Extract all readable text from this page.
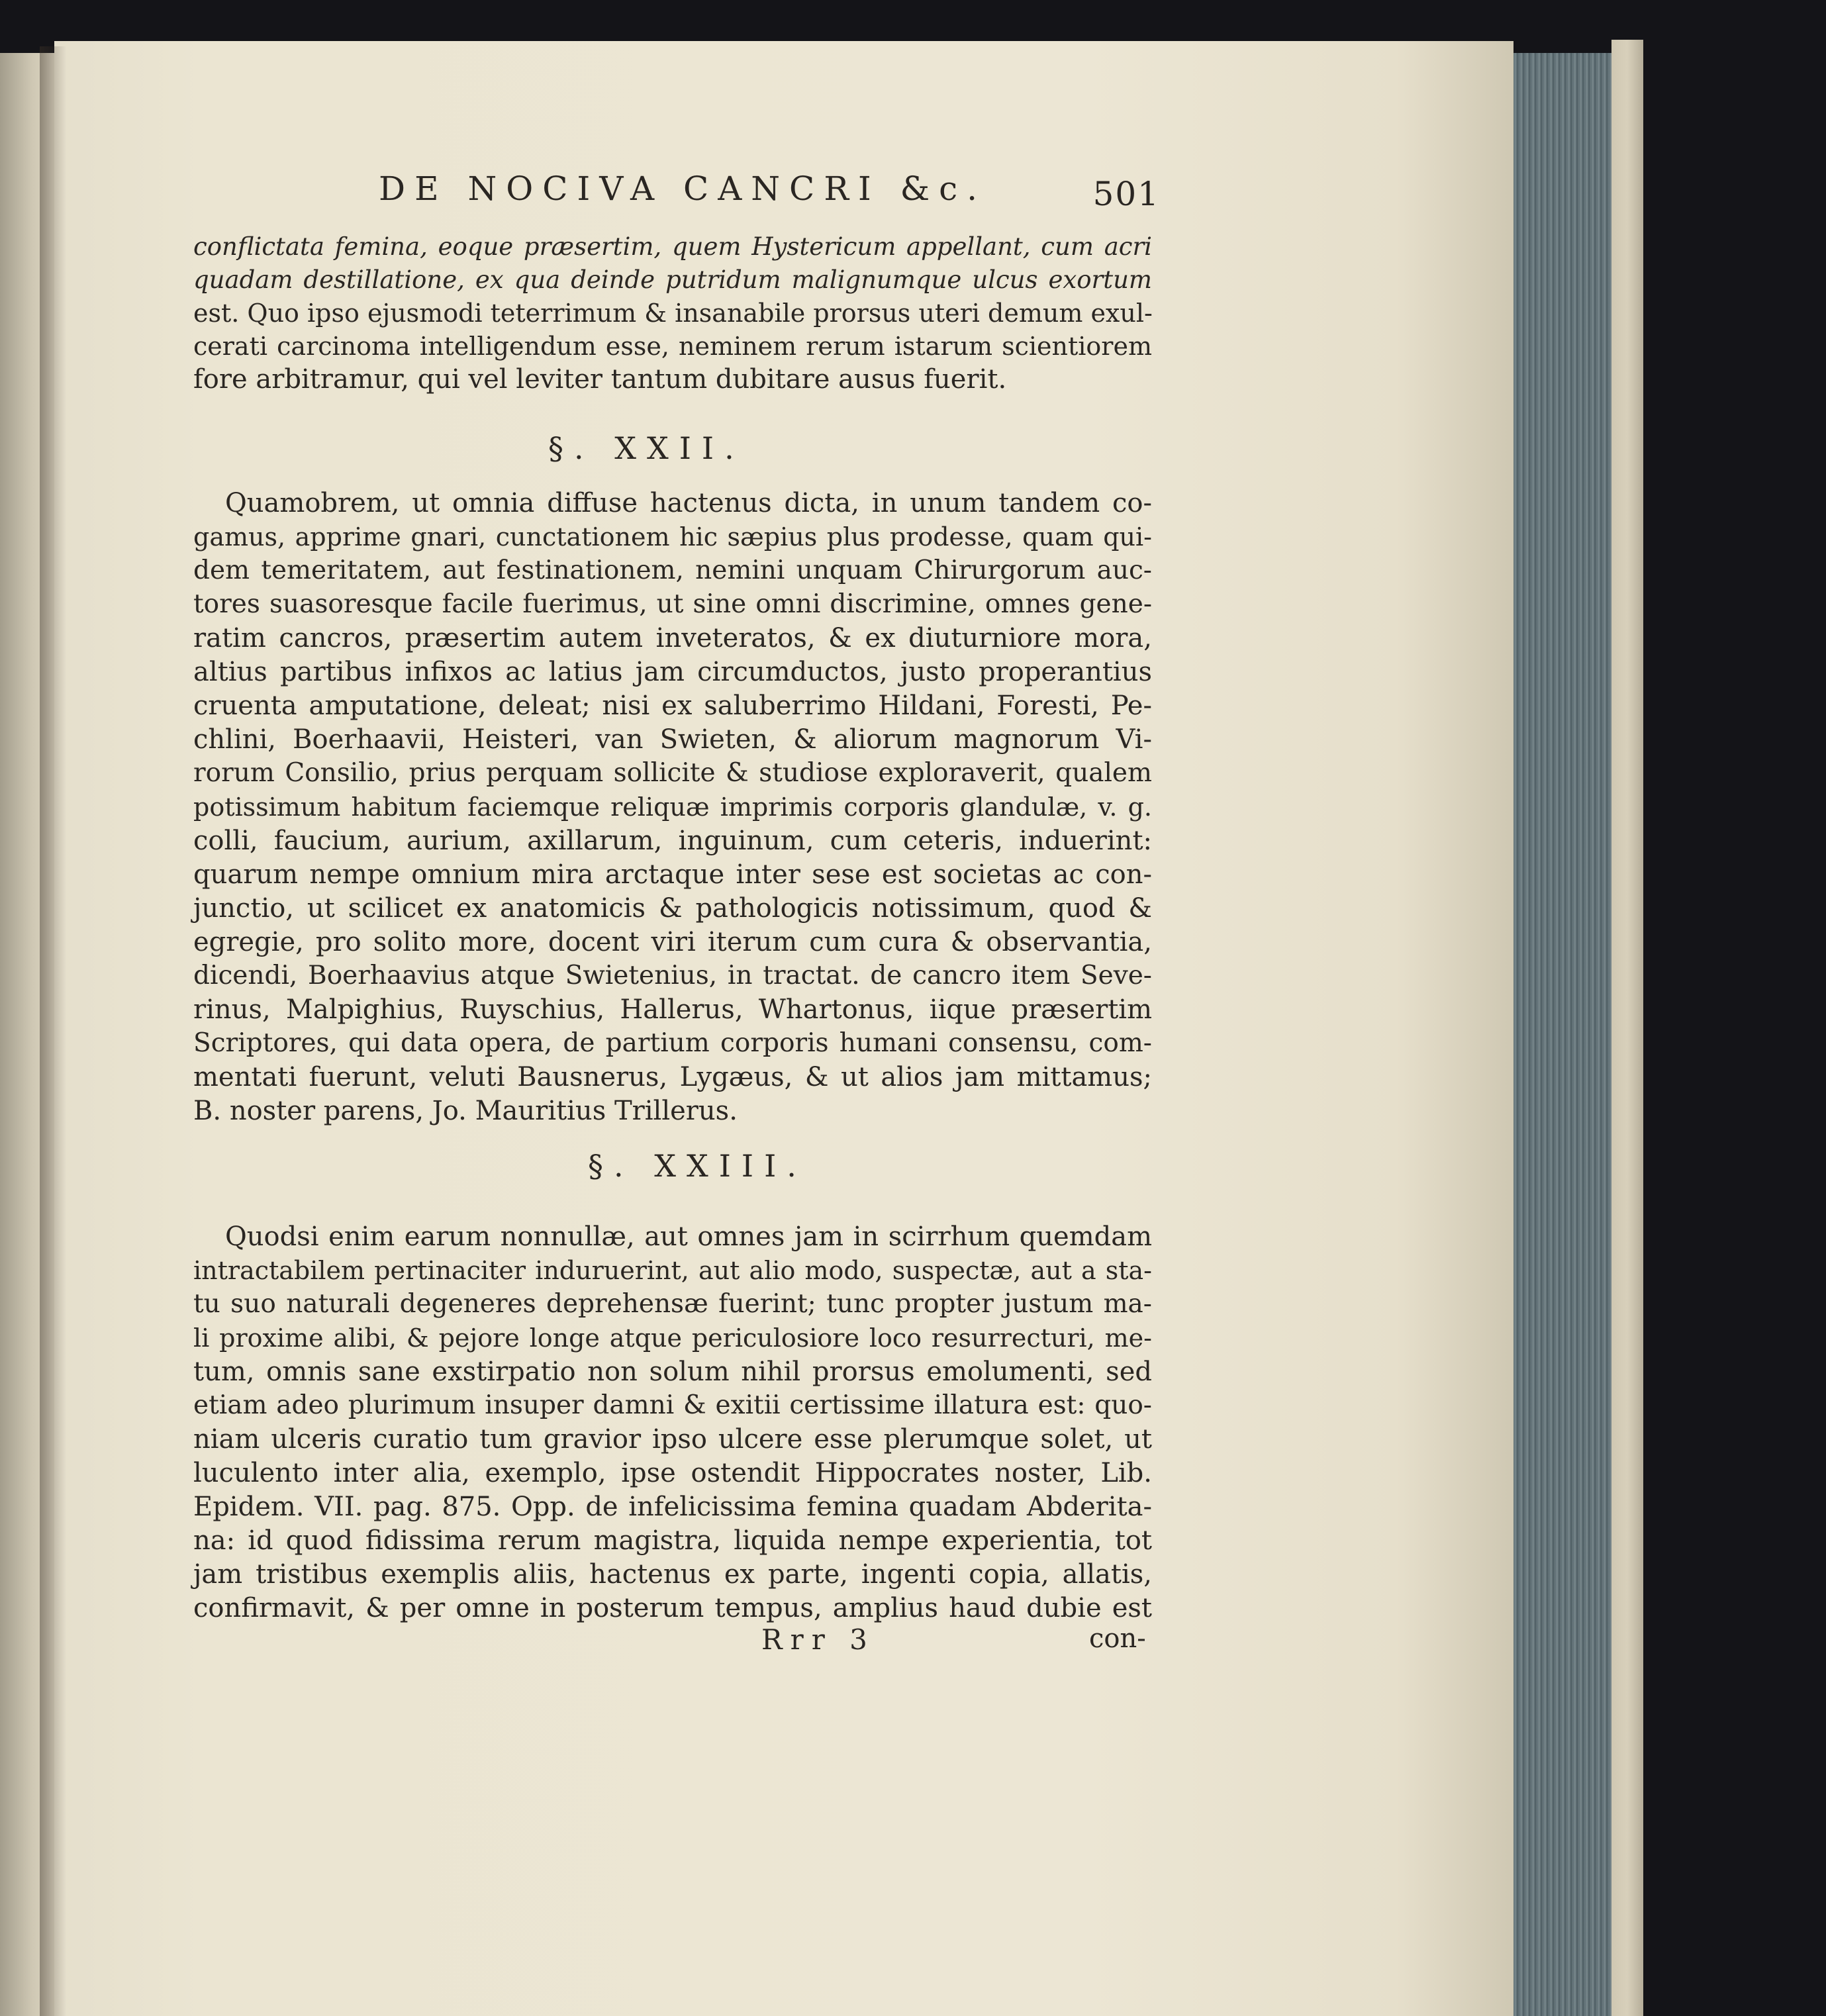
DE NOCIVA CANCRI &c.	501
conflictata femina, eoque præsertim, quem Hystericum appellant, cum acri
quadam destillatione, ex qua deinde putridum malignumque ulcus exortum
est. Quo ipso ejusmodi teterrimum & insanabile prorsus uteri demum exul-
cerati carcinoma intelligendum esse, neminem rerum istarum scientiorem
fore arbitramur, qui vel leviter tantum dubitare ausus fuerit.
§. XXII.
Quamobrem, ut omnia diffuse hactenus dicta, in unum tandem co-
gamus, apprime gnari, cunctationem hic sæpius plus prodesse, quam qui-
dem temeritatem, aut festinationem, nemini unquam Chirurgorum auc-
tores suasoresque facile fuerimus, ut sine omni discrimine, omnes gene-
ratim cancros, præsertim autem inveteratos, & ex diuturniore mora,
altius partibus infixos ac latius jam circumductos, justo properantius
cruenta amputatione, deleat; nisi ex saluberrimo Hildani, Foresti, Pe-
chlini, Boerhaavii, Heisteri, van Swieten, & aliorum magnorum Vi-
rorum Consilio, prius perquam sollicite & studiose exploraverit, qualem
potissimum habitum faciemque reliquæ imprimis corporis glandulæ, v. g.
colli, faucium, aurium, axillarum, inguinum, cum ceteris, induerint:
quarum nempe omnium mira arctaque inter sese est societas ac con-
junctio, ut scilicet ex anatomicis & pathologicis notissimum, quod &
egregie, pro solito more, docent viri iterum cum cura & observantia,
dicendi, Boerhaavius atque Swietenius, in tractat. de cancro item Seve-
rinus, Malpighius, Ruyschius, Hallerus, Whartonus, iique præsertim
Scriptores, qui data opera, de partium corporis humani consensu, com-
mentati fuerunt, veluti Bausnerus, Lygæus, & ut alios jam mittamus;
B. noster parens, Jo. Mauritius Trillerus.
§. XXIII.
Quodsi enim earum nonnullæ, aut omnes jam in scirrhum quemdam
intractabilem pertinaciter induruerint, aut alio modo, suspectæ, aut a sta-
tu suo naturali degeneres deprehensæ fuerint; tunc propter justum ma-
li proxime alibi, & pejore longe atque periculosiore loco resurrecturi, me-
tum, omnis sane exstirpatio non solum nihil prorsus emolumenti, sed
etiam adeo plurimum insuper damni & exitii certissime illatura est: quo-
niam ulceris curatio tum gravior ipso ulcere esse plerumque solet, ut
luculento inter alia, exemplo, ipse ostendit Hippocrates noster, Lib.
Epidem. VII. pag. 875. Opp. de infelicissima femina quadam Abderita-
na: id quod fidissima rerum magistra, liquida nempe experientia, tot
jam tristibus exemplis aliis, hactenus ex parte, ingenti copia, allatis,
confirmavit, & per omne in posterum tempus, amplius haud dubie est
Rrr 3	con-
